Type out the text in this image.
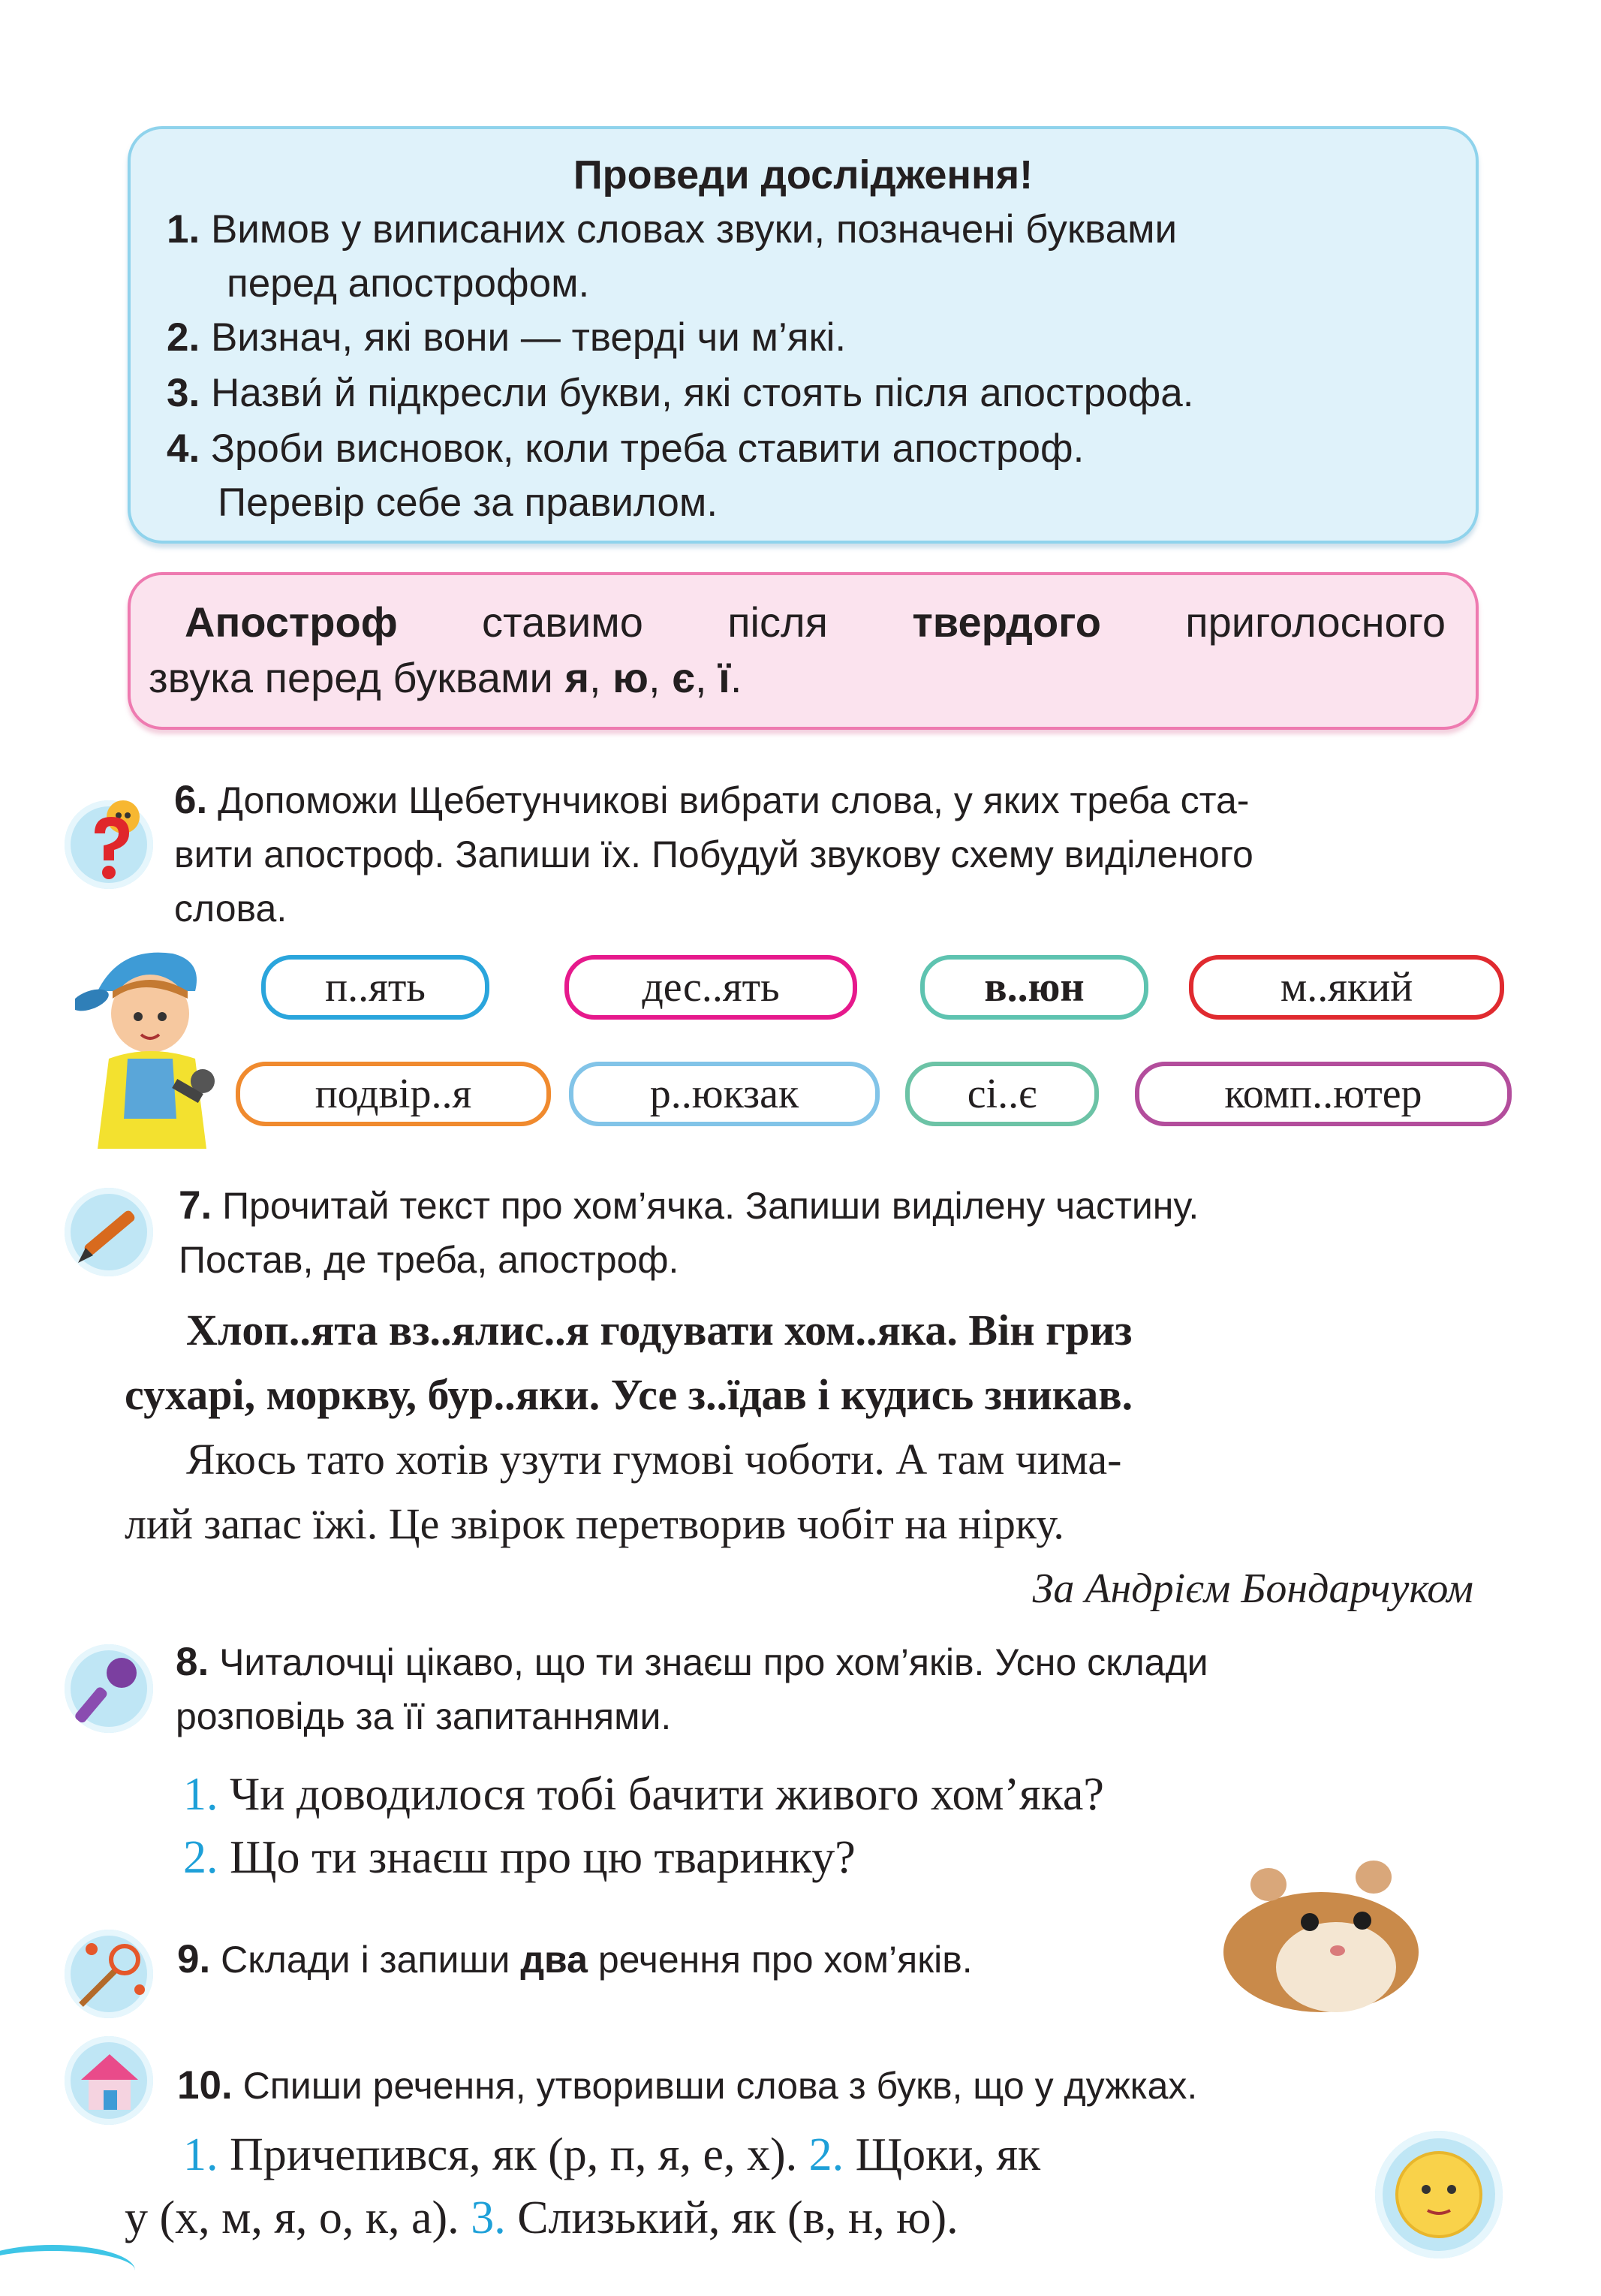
Проведи дослідження!
1. Вимов у виписаних словах звуки, позначені буквами
перед апострофом.
2. Визнач, які вони — тверді чи м’які.
3. Назви́ й підкресли букви, які стоять після апострофа.
4. Зроби висновок, коли треба ставити апостроф.
Перевір себе за правилом.
Апостроф ставимо після твердого приголосного
звука перед буквами я, ю, є, ї.
6. Допоможи Щебетунчикові вибрати слова, у яких треба ста-
вити апостроф. Запиши їх. Побудуй звукову схему виділеного
слова.
п..ять	дес..ять	в..юн	м..який
подвір..я	р..юкзак	сі..є	комп..ютер
7. Прочитай текст про хом’ячка. Запиши виділену частину.
Постав, де треба, апостроф.
Хлоп..ята вз..ялис..я годувати хом..яка. Він гриз
сухарі, моркву, бур..яки. Усе з..їдав і кудись зникав.
Якось тато хотів узути гумові чоботи. А там чима-
лий запас їжі. Це звірок перетворив чобіт на нірку.
За Андрієм Бондарчуком
8. Читалочці цікаво, що ти знаєш про хом’яків. Усно склади
розповідь за її запитаннями.
1. Чи доводилося тобі бачити живого хом’яка?
2. Що ти знаєш про цю тваринку?
9. Склади і запиши два речення про хом’яків.
10. Спиши речення, утворивши слова з букв, що у дужках.
1. Причепився, як (р, п, я, е, х). 2. Щоки, як
у (х, м, я, о, к, а). 3. Слизький, як (в, н, ю).
